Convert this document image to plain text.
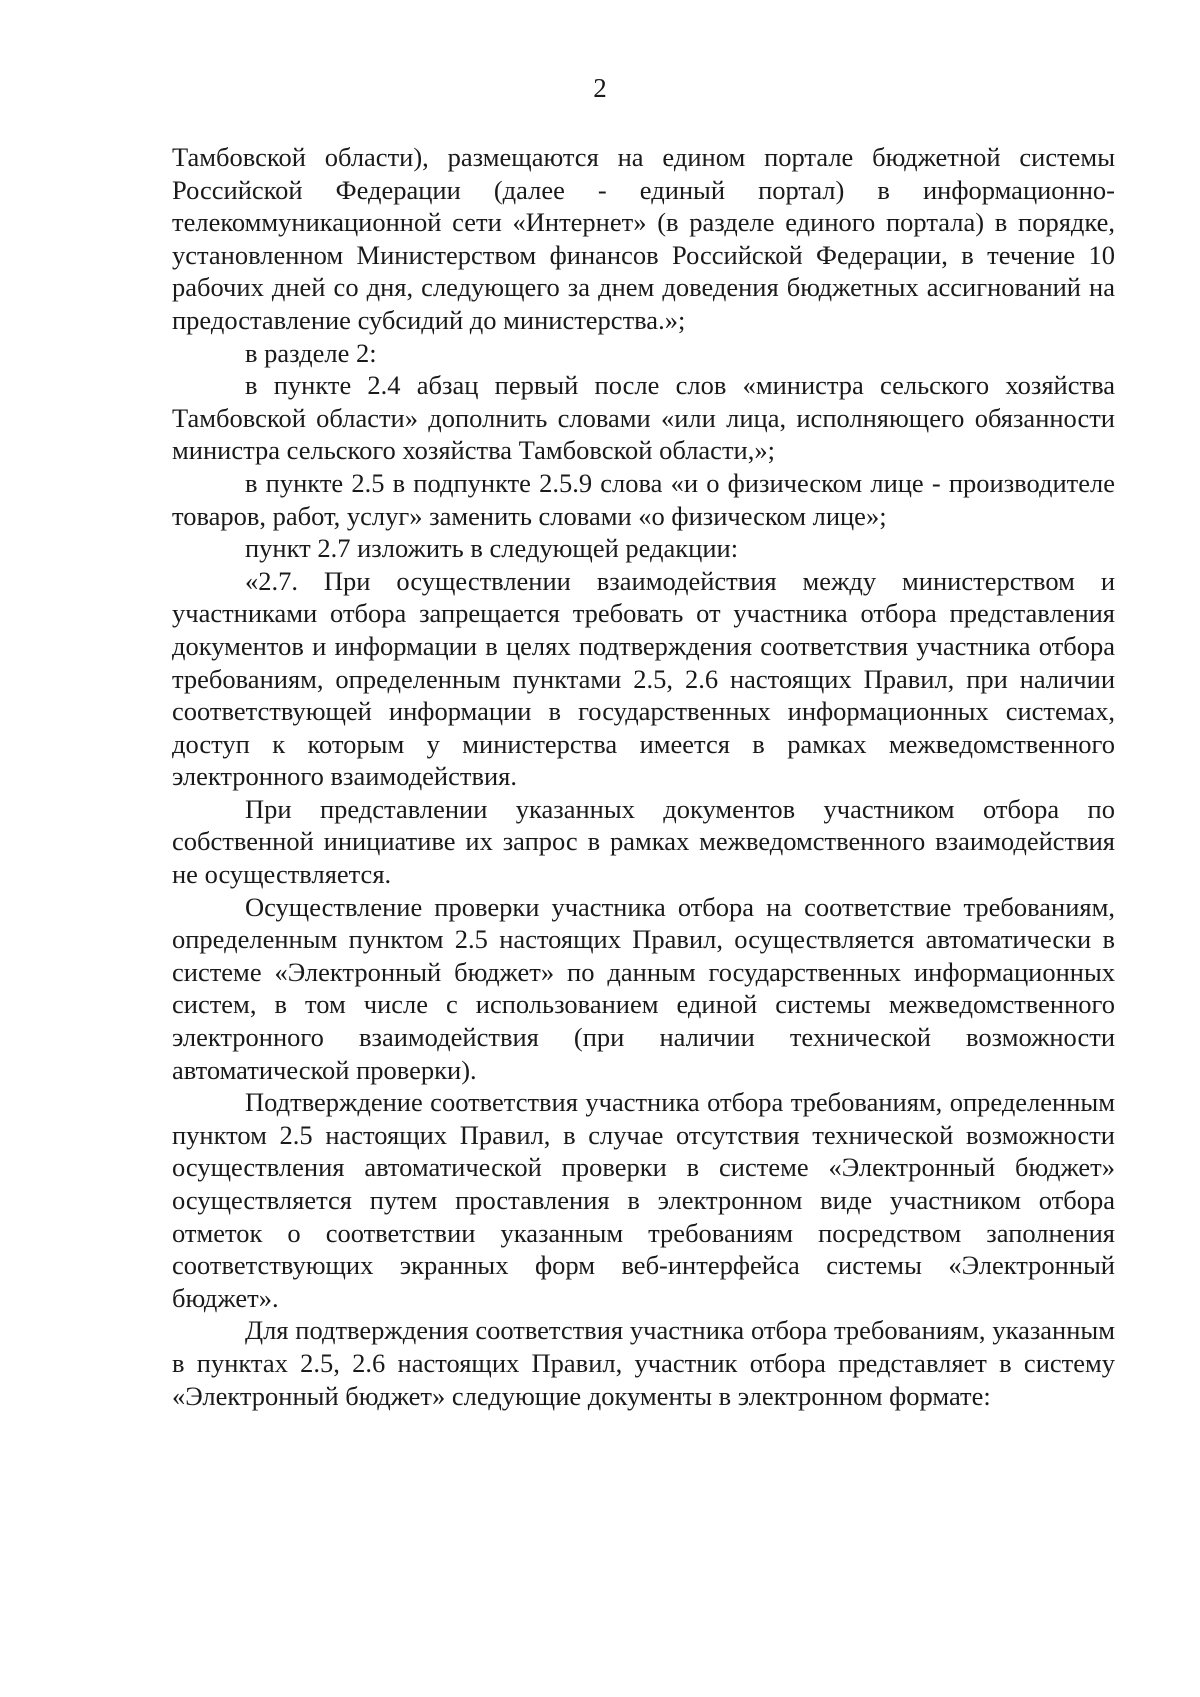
2

Тамбовской области), размещаются на едином портале бюджетной системы Российской Федерации (далее - единый портал) в информационно-телекоммуникационной сети «Интернет» (в разделе единого портала) в порядке, установленном Министерством финансов Российской Федерации, в течение 10 рабочих дней со дня, следующего за днем доведения бюджетных ассигнований на предоставление субсидий до министерства.»;

в разделе 2:

в пункте 2.4 абзац первый после слов «министра сельского хозяйства Тамбовской области» дополнить словами «или лица, исполняющего обязанности министра сельского хозяйства Тамбовской области,»;

в пункте 2.5 в подпункте 2.5.9 слова «и о физическом лице - производителе товаров, работ, услуг» заменить словами «о физическом лице»;

пункт 2.7 изложить в следующей редакции:

«2.7. При осуществлении взаимодействия между министерством и участниками отбора запрещается требовать от участника отбора представления документов и информации в целях подтверждения соответствия участника отбора требованиям, определенным пунктами 2.5, 2.6 настоящих Правил, при наличии соответствующей информации в государственных информационных системах, доступ к которым у министерства имеется в рамках межведомственного электронного взаимодействия.

При представлении указанных документов участником отбора по собственной инициативе их запрос в рамках межведомственного взаимодействия не осуществляется.

Осуществление проверки участника отбора на соответствие требованиям, определенным пунктом 2.5 настоящих Правил, осуществляется автоматически в системе «Электронный бюджет» по данным государственных информационных систем, в том числе с использованием единой системы межведомственного электронного взаимодействия (при наличии технической возможности автоматической проверки).

Подтверждение соответствия участника отбора требованиям, определенным пунктом 2.5 настоящих Правил, в случае отсутствия технической возможности осуществления автоматической проверки в системе «Электронный бюджет» осуществляется путем проставления в электронном виде участником отбора отметок о соответствии указанным требованиям посредством заполнения соответствующих экранных форм веб-интерфейса системы «Электронный бюджет».

Для подтверждения соответствия участника отбора требованиям, указанным в пунктах 2.5, 2.6 настоящих Правил, участник отбора представляет в систему «Электронный бюджет» следующие документы в электронном формате:
